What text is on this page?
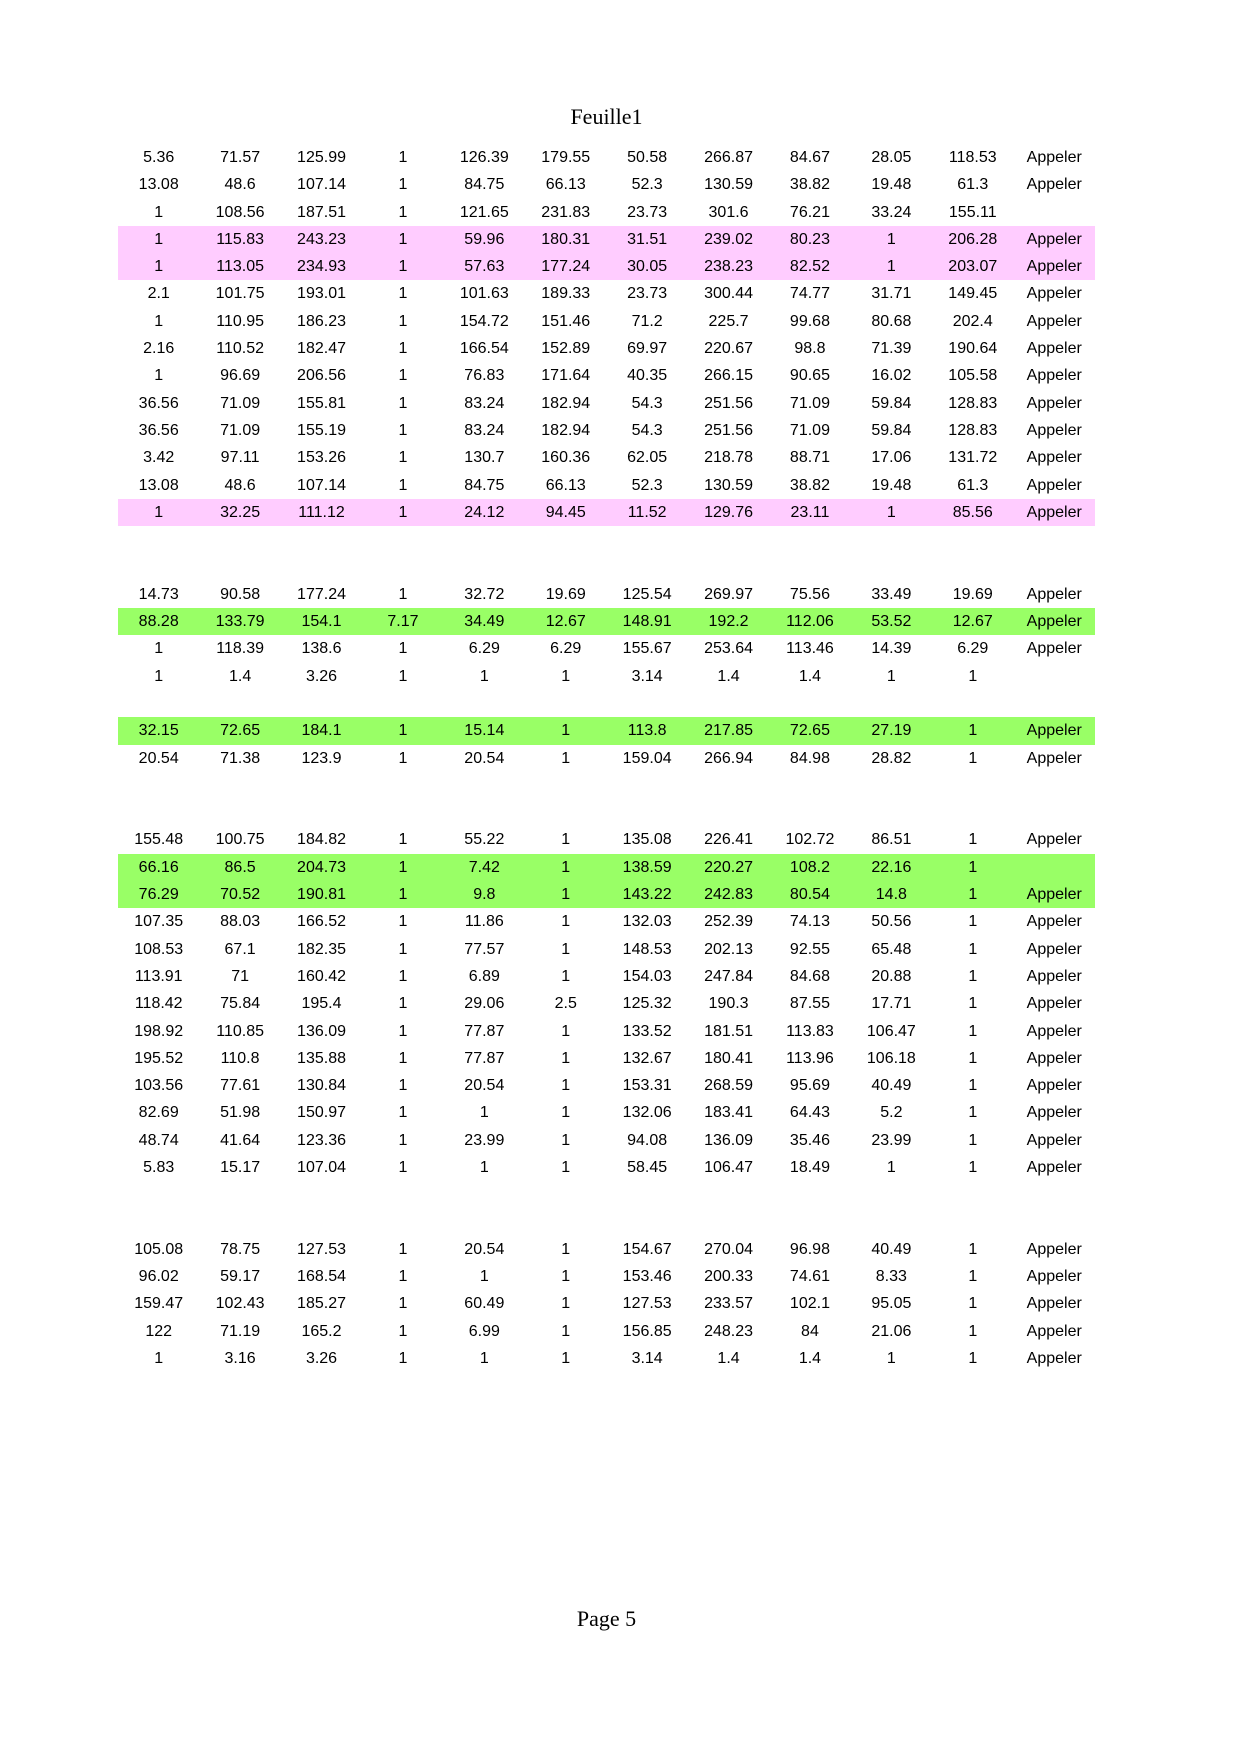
Feuille1
5.36	71.57	125.99	1	126.39	179.55	50.58	266.87	84.67	28.05	118.53	Appeler
13.08	48.6	107.14	1	84.75	66.13	52.3	130.59	38.82	19.48	61.3	Appeler
1	108.56	187.51	1	121.65	231.83	23.73	301.6	76.21	33.24	155.11	
1	115.83	243.23	1	59.96	180.31	31.51	239.02	80.23	1	206.28	Appeler
1	113.05	234.93	1	57.63	177.24	30.05	238.23	82.52	1	203.07	Appeler
2.1	101.75	193.01	1	101.63	189.33	23.73	300.44	74.77	31.71	149.45	Appeler
1	110.95	186.23	1	154.72	151.46	71.2	225.7	99.68	80.68	202.4	Appeler
2.16	110.52	182.47	1	166.54	152.89	69.97	220.67	98.8	71.39	190.64	Appeler
1	96.69	206.56	1	76.83	171.64	40.35	266.15	90.65	16.02	105.58	Appeler
36.56	71.09	155.81	1	83.24	182.94	54.3	251.56	71.09	59.84	128.83	Appeler
36.56	71.09	155.19	1	83.24	182.94	54.3	251.56	71.09	59.84	128.83	Appeler
3.42	97.11	153.26	1	130.7	160.36	62.05	218.78	88.71	17.06	131.72	Appeler
13.08	48.6	107.14	1	84.75	66.13	52.3	130.59	38.82	19.48	61.3	Appeler
1	32.25	111.12	1	24.12	94.45	11.52	129.76	23.11	1	85.56	Appeler

14.73	90.58	177.24	1	32.72	19.69	125.54	269.97	75.56	33.49	19.69	Appeler
88.28	133.79	154.1	7.17	34.49	12.67	148.91	192.2	112.06	53.52	12.67	Appeler
1	118.39	138.6	1	6.29	6.29	155.67	253.64	113.46	14.39	6.29	Appeler
1	1.4	3.26	1	1	1	3.14	1.4	1.4	1	1	

32.15	72.65	184.1	1	15.14	1	113.8	217.85	72.65	27.19	1	Appeler
20.54	71.38	123.9	1	20.54	1	159.04	266.94	84.98	28.82	1	Appeler

155.48	100.75	184.82	1	55.22	1	135.08	226.41	102.72	86.51	1	Appeler
66.16	86.5	204.73	1	7.42	1	138.59	220.27	108.2	22.16	1	
76.29	70.52	190.81	1	9.8	1	143.22	242.83	80.54	14.8	1	Appeler
107.35	88.03	166.52	1	11.86	1	132.03	252.39	74.13	50.56	1	Appeler
108.53	67.1	182.35	1	77.57	1	148.53	202.13	92.55	65.48	1	Appeler
113.91	71	160.42	1	6.89	1	154.03	247.84	84.68	20.88	1	Appeler
118.42	75.84	195.4	1	29.06	2.5	125.32	190.3	87.55	17.71	1	Appeler
198.92	110.85	136.09	1	77.87	1	133.52	181.51	113.83	106.47	1	Appeler
195.52	110.8	135.88	1	77.87	1	132.67	180.41	113.96	106.18	1	Appeler
103.56	77.61	130.84	1	20.54	1	153.31	268.59	95.69	40.49	1	Appeler
82.69	51.98	150.97	1	1	1	132.06	183.41	64.43	5.2	1	Appeler
48.74	41.64	123.36	1	23.99	1	94.08	136.09	35.46	23.99	1	Appeler
5.83	15.17	107.04	1	1	1	58.45	106.47	18.49	1	1	Appeler

105.08	78.75	127.53	1	20.54	1	154.67	270.04	96.98	40.49	1	Appeler
96.02	59.17	168.54	1	1	1	153.46	200.33	74.61	8.33	1	Appeler
159.47	102.43	185.27	1	60.49	1	127.53	233.57	102.1	95.05	1	Appeler
122	71.19	165.2	1	6.99	1	156.85	248.23	84	21.06	1	Appeler
1	3.16	3.26	1	1	1	3.14	1.4	1.4	1	1	Appeler
Page 5
